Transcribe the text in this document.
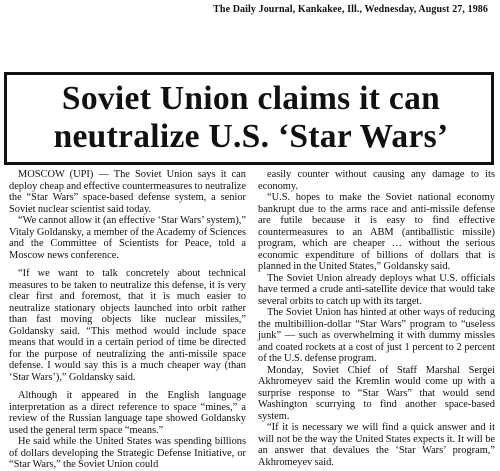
The Daily Journal, Kankakee, Ill., Wednesday, August 27, 1986
Soviet Union claims it can
neutralize U.S. ‘Star Wars’

MOSCOW (UPI) — The Soviet Union says it can deploy cheap and effective countermeasures to neutralize the “Star Wars” space-based defense system, a senior Soviet nuclear scientist said today.

“We cannot allow it (an effective ‘Star Wars’ system),” Vitaly Goldansky, a member of the Academy of Sciences and the Committee of Scientists for Peace, told a Moscow news conference.

“If we want to talk concretely about technical measures to be taken to neutralize this defense, it is very clear first and foremost, that it is much easier to neutralize stationary objects launched into orbit rather than fast moving objects like nuclear missiles,” Goldansky said. “This method would include space means that would in a certain period of time be directed for the purpose of neutralizing the anti-missile space defense. I would say this is a much cheaper way (than ‘Star Wars’),” Goldansky said.

Although it appeared in the English language interpretation as a direct reference to space “mines,” a review of the Russian language tape showed Goldansky used the general term space “means.”

He said while the United States was spending billions of dollars developing the Strategic Defense Initiative, or “Star Wars,” the Soviet Union could

easily counter without causing any damage to its economy.

“U.S. hopes to make the Soviet national economy bankrupt due to the arms race and anti-missile defense are futile because it is easy to find effective countermeasures to an ABM (antiballistic missile) program, which are cheaper … without the serious economic expenditure of billions of dollars that is planned in the United States,” Goldansky said.

The Soviet Union already deploys what U.S. officials have termed a crude anti-satellite device that would take several orbits to catch up with its target.

The Soviet Union has hinted at other ways of reducing the multibillion-dollar “Star Wars” program to “useless junk” — such as overwhelming it with dummy missles and coated rockets at a cost of just 1 percent to 2 percent of the U.S. defense program.

Monday, Soviet Chief of Staff Marshal Sergei Akhromeyev said the Kremlin would come up with a surprise response to “Star Wars” that would send Washington scurrying to find another space-based system.

“If it is necessary we will find a quick answer and it will not be the way the United States expects it. It will be an answer that devalues the ‘Star Wars’ program,” Akhromeyev said.
